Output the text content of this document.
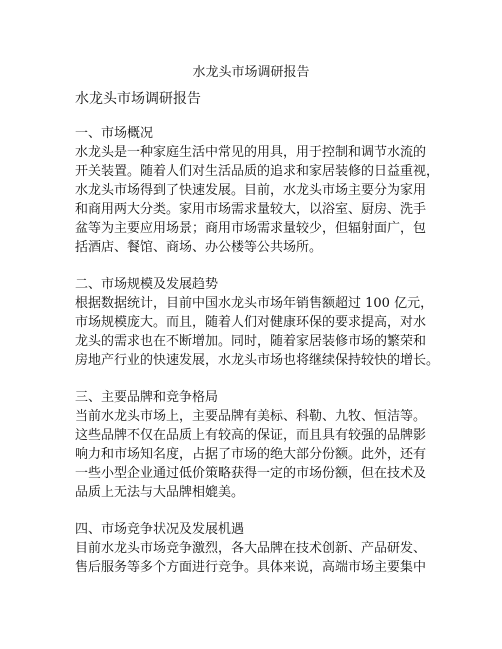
水龙头市场调研报告

水龙头市场调研报告

一、市场概况
水龙头是一种家庭生活中常见的用具，用于控制和调节水流的
开关装置。随着人们对生活品质的追求和家居装修的日益重视，
水龙头市场得到了快速发展。目前，水龙头市场主要分为家用
和商用两大分类。家用市场需求量较大，以浴室、厨房、洗手
盆等为主要应用场景；商用市场需求量较少，但辐射面广，包
括酒店、餐馆、商场、办公楼等公共场所。
二、市场规模及发展趋势
根据数据统计，目前中国水龙头市场年销售额超过 100 亿元，
市场规模庞大。而且，随着人们对健康环保的要求提高，对水
龙头的需求也在不断增加。同时，随着家居装修市场的繁荣和
房地产行业的快速发展，水龙头市场也将继续保持较快的增长。
三、主要品牌和竞争格局
当前水龙头市场上，主要品牌有美标、科勒、九牧、恒洁等。
这些品牌不仅在品质上有较高的保证，而且具有较强的品牌影
响力和市场知名度，占据了市场的绝大部分份额。此外，还有
一些小型企业通过低价策略获得一定的市场份额，但在技术及
品质上无法与大品牌相媲美。
四、市场竞争状况及发展机遇
目前水龙头市场竞争激烈，各大品牌在技术创新、产品研发、
售后服务等多个方面进行竞争。具体来说，高端市场主要集中
